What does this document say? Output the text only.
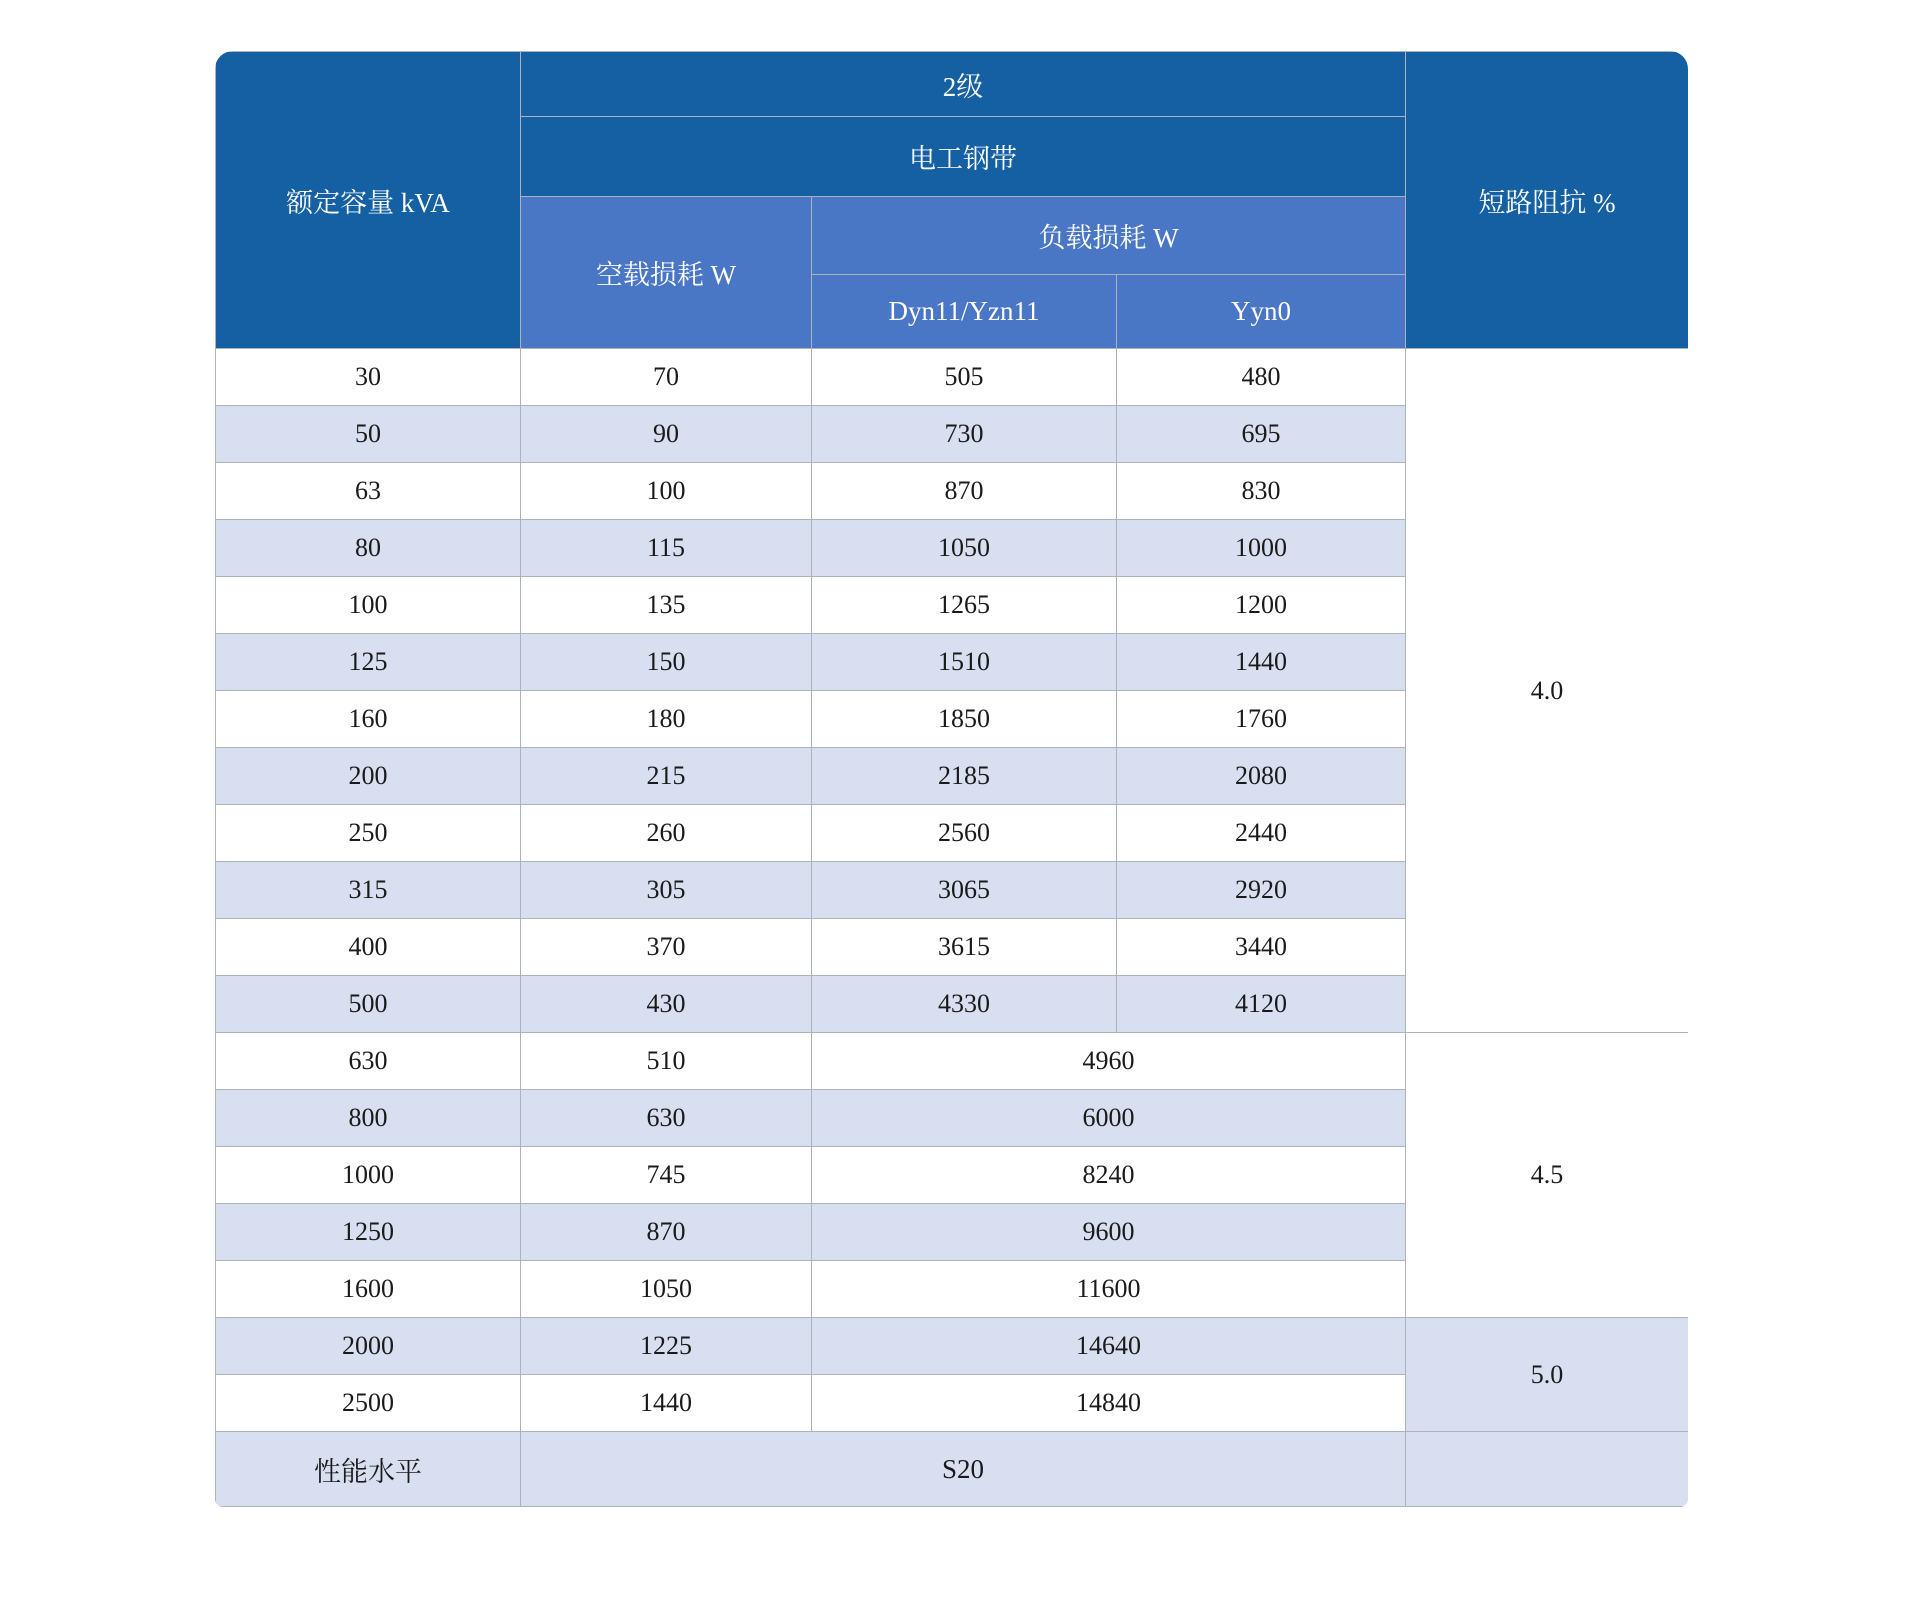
额定容量 kVA	2级			短路阻抗 %
	电工钢带			
	空载损耗 W	负载损耗 W		
		Dyn11/Yzn11	Yyn0	
30	70	505	480	4.0
50	90	730	695	
63	100	870	830	
80	115	1050	1000	
100	135	1265	1200	
125	150	1510	1440	
160	180	1850	1760	
200	215	2185	2080	
250	260	2560	2440	
315	305	3065	2920	
400	370	3615	3440	
500	430	4330	4120	
630	510	4960		4.5
800	630	6000		
1000	745	8240		
1250	870	9600		
1600	1050	11600		
2000	1225	14640		5.0
2500	1440	14840		
性能水平	S20			
